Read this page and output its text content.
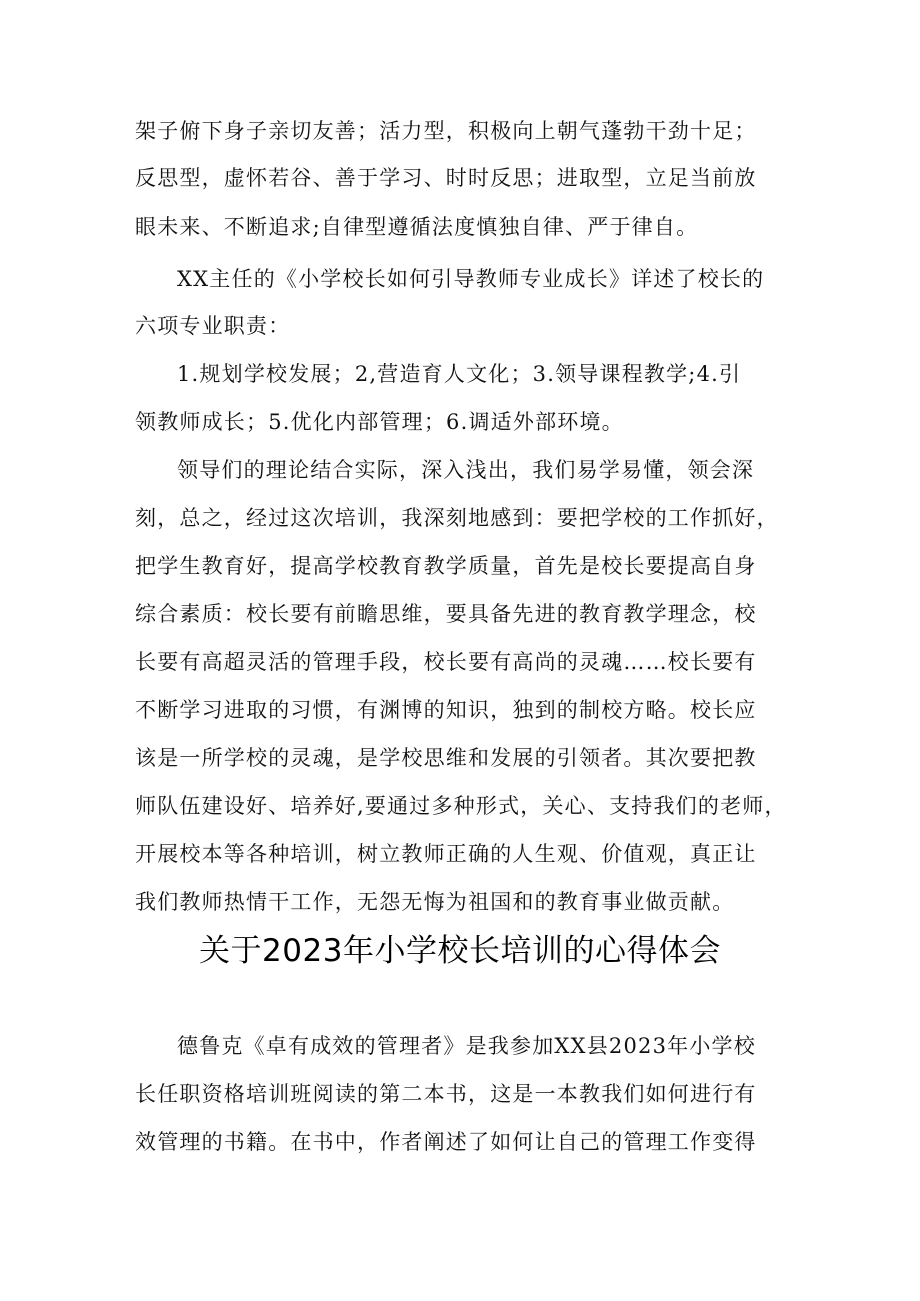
架子俯下身子亲切友善；活力型，积极向上朝气蓬勃干劲十足；
反思型，虚怀若谷、善于学习、时时反思；进取型，立足当前放
眼未来、不断追求;自律型遵循法度慎独自律、严于律自。
XX主任的《小学校长如何引导教师专业成长》详述了校长的
六项专业职责：
1.规划学校发展；2,营造育人文化；3.领导课程教学;4.引
领教师成长；5.优化内部管理；6.调适外部环境。
领导们的理论结合实际，深入浅出，我们易学易懂，领会深
刻，总之，经过这次培训，我深刻地感到：要把学校的工作抓好，
把学生教育好，提高学校教育教学质量，首先是校长要提高自身
综合素质：校长要有前瞻思维，要具备先进的教育教学理念，校
长要有高超灵活的管理手段，校长要有高尚的灵魂……校长要有
不断学习进取的习惯，有渊博的知识，独到的制校方略。校长应
该是一所学校的灵魂，是学校思维和发展的引领者。其次要把教
师队伍建设好、培养好,要通过多种形式，关心、支持我们的老师，
开展校本等各种培训，树立教师正确的人生观、价值观，真正让
我们教师热情干工作，无怨无悔为祖国和的教育事业做贡献。
关于2023年小学校长培训的心得体会
德鲁克《卓有成效的管理者》是我参加XX县2023年小学校
长任职资格培训班阅读的第二本书，这是一本教我们如何进行有
效管理的书籍。在书中，作者阐述了如何让自己的管理工作变得
